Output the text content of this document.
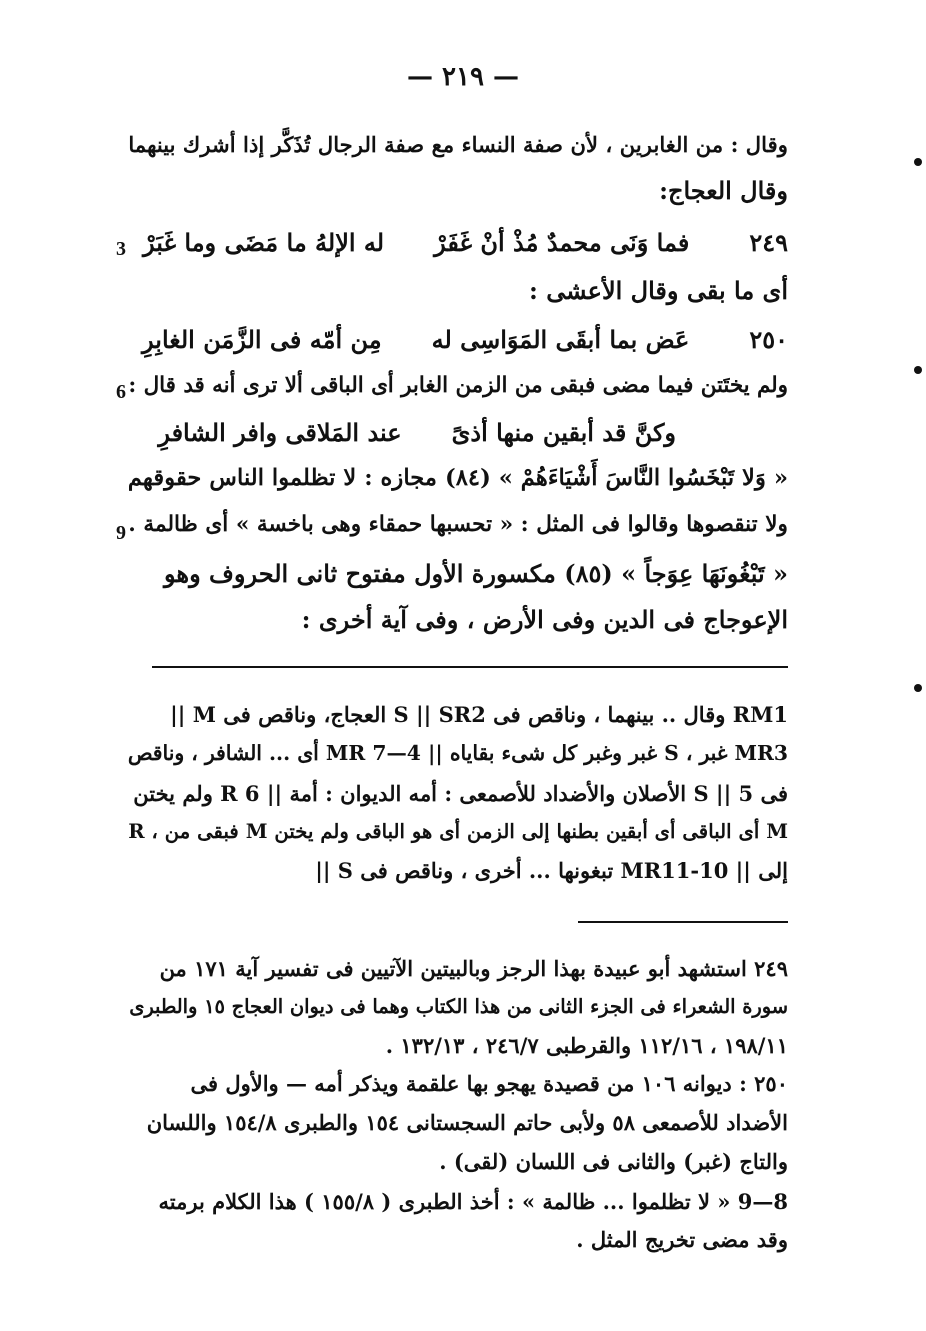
— ٢١٩ —
وقال : من الغابرين ، لأن صفة النساء مع صفة الرجال تُذَكَّر إذا أشرك بينهما
وقال العجاج:
٢٤٩فما وَنَى محمدٌ مُذْ أنْ غَفَرْله الإلهُ ما مَضَى وما غَبَرْ
3
أى ما بقى وقال الأعشى :
٢٥٠عَض بما أبقَى المَوَاسِى لهمِن أمّه فى الزَّمَن الغابِرِ
ولم يختَتن فيما مضى فبقى من الزمن الغابر أى الباقى ألا ترى أنه قد قال :
6
وكنَّ قد أبقين منها أذىًعند المَلاقى وافر الشافرِ
« وَلا تَبْخَسُوا النَّاسَ أَشْيَاءَهُمْ » (٨٤) مجازه : لا تظلموا الناس حقوقهم
ولا تنقصوها وقالوا فى المثل : « تحسبها حمقاء وهى باخسة » أى ظالمة .
9
« تَبْغُونَهَا عِوَجاً » (٨٥) مكسورة الأول مفتوح ثانى الحروف وهو
الإعوجاج فى الدين وفى الأرض ، وفى آية أخرى :
RM1 وقال .. بينهما ، وناقص فى S || SR2 العجاج، وناقص فى M ||
MR3 غبر ، S غبر وغبر كل شىء بقاياه || MR 7—4 أى ... الشافر ، وناقص
فى S || 5 الأصلان والأضداد للأصمعى : أمه الديوان : أمة || R 6 ولم يختن
M أى الباقى أى أبقين بطنها إلى الزمن أى هو الباقى ولم يختن M فبقى من ، R
إلى || MR11-10 تبغونها ... أخرى ، وناقص فى S ||
٢٤٩ استشهد أبو عبيدة بهذا الرجز وبالبيتين الآتيين فى تفسير آية ١٧١ من
سورة الشعراء فى الجزء الثانى من هذا الكتاب وهما فى ديوان العجاج ١٥ والطبرى
١٩٨/١١ ، ١١٢/١٦ والقرطبى ٢٤٦/٧ ، ١٣٢/١٣ .
٢٥٠ : ديوانه ١٠٦ من قصيدة يهجو بها علقمة ويذكر أمه — والأول فى
الأضداد للأصمعى ٥٨ ولأبى حاتم السجستانى ١٥٤ والطبرى ١٥٤/٨ واللسان
والتاج (غبر) والثانى فى اللسان (لقى) .
8—9 « لا تظلموا ... ظالمة » : أخذ الطبرى ( ١٥٥/٨ ) هذا الكلام برمته
وقد مضى تخريج المثل .
